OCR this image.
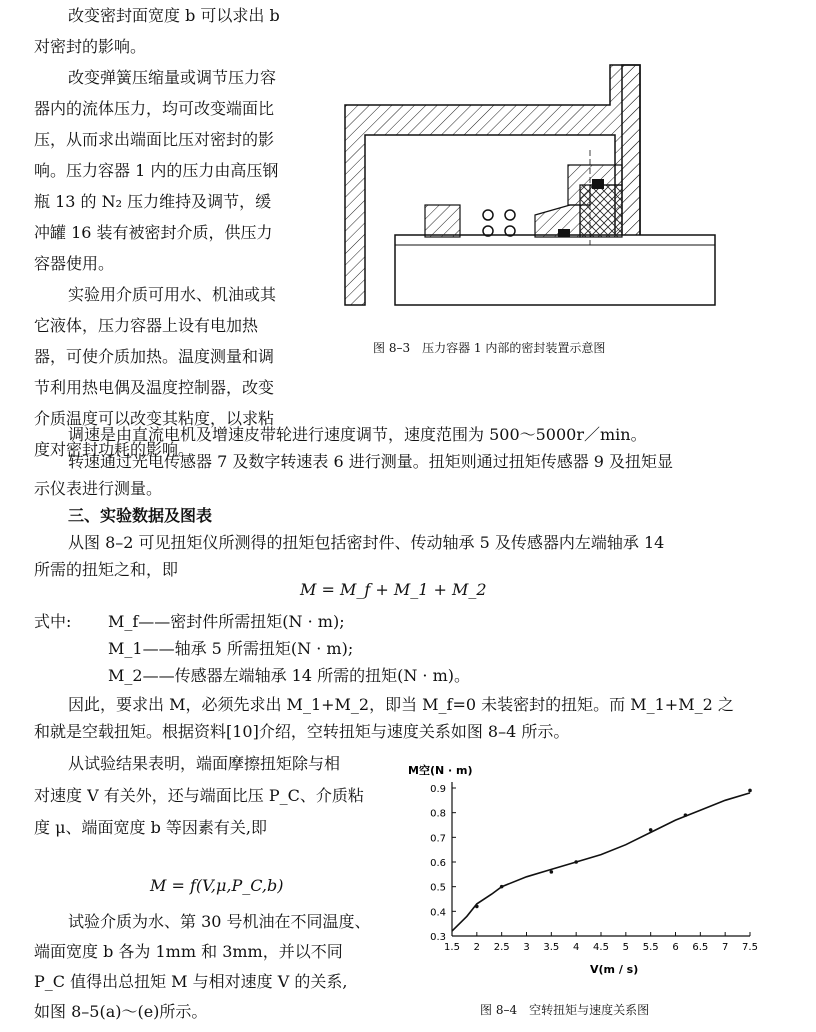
改变密封面宽度 b 可以求出 b
对密封的影响。
改变弹簧压缩量或调节压力容
器内的流体压力，均可改变端面比
压，从而求出端面比压对密封的影
响。压力容器 1 内的压力由高压钢
瓶 13 的 N₂ 压力维持及调节，缓
冲罐 16 装有被密封介质，供压力
容器使用。
实验用介质可用水、机油或其
它液体，压力容器上设有电加热
器，可使介质加热。温度测量和调
节利用热电偶及温度控制器，改变
介质温度可以改变其粘度，以求粘
度对密封功耗的影响。
图 8–3　压力容器 1 内部的密封装置示意图
调速是由直流电机及增速皮带轮进行速度调节，速度范围为 500～5000r／min。
转速通过光电传感器 7 及数字转速表 6 进行测量。扭矩则通过扭矩传感器 9 及扭矩显
示仪表进行测量。
三、实验数据及图表
从图 8–2 可见扭矩仪所测得的扭矩包括密封件、传动轴承 5 及传感器内左端轴承 14
所需的扭矩之和，即
M = M_f + M_1 + M_2
式中: M_f——密封件所需扭矩(N · m);
M_1——轴承 5 所需扭矩(N · m);
M_2——传感器左端轴承 14 所需的扭矩(N · m)。
因此，要求出 M，必须先求出 M_1+M_2，即当 M_f=0 未装密封的扭矩。而 M_1+M_2 之
和就是空载扭矩。根据资料[10]介绍，空转扭矩与速度关系如图 8–4 所示。
从试验结果表明，端面摩擦扭矩除与相
对速度 V 有关外，还与端面比压 P_C、介质粘
度 μ、端面宽度 b 等因素有关,即
M = f(V,μ,P_C,b)
试验介质为水、第 30 号机油在不同温度、
端面宽度 b 各为 1mm 和 3mm，并以不同
P_C 值得出总扭矩 M 与相对速度 V 的关系,
如图 8–5(a)～(e)所示。
M空(N · m)
V(m / s)
1.5 2 2.5 3 3.5 4 4.5 5 5.5 6 6.5 7 7.5
0.3
0.4
0.5
0.6
0.7
0.8
0.9
图 8–4　空转扭矩与速度关系图
